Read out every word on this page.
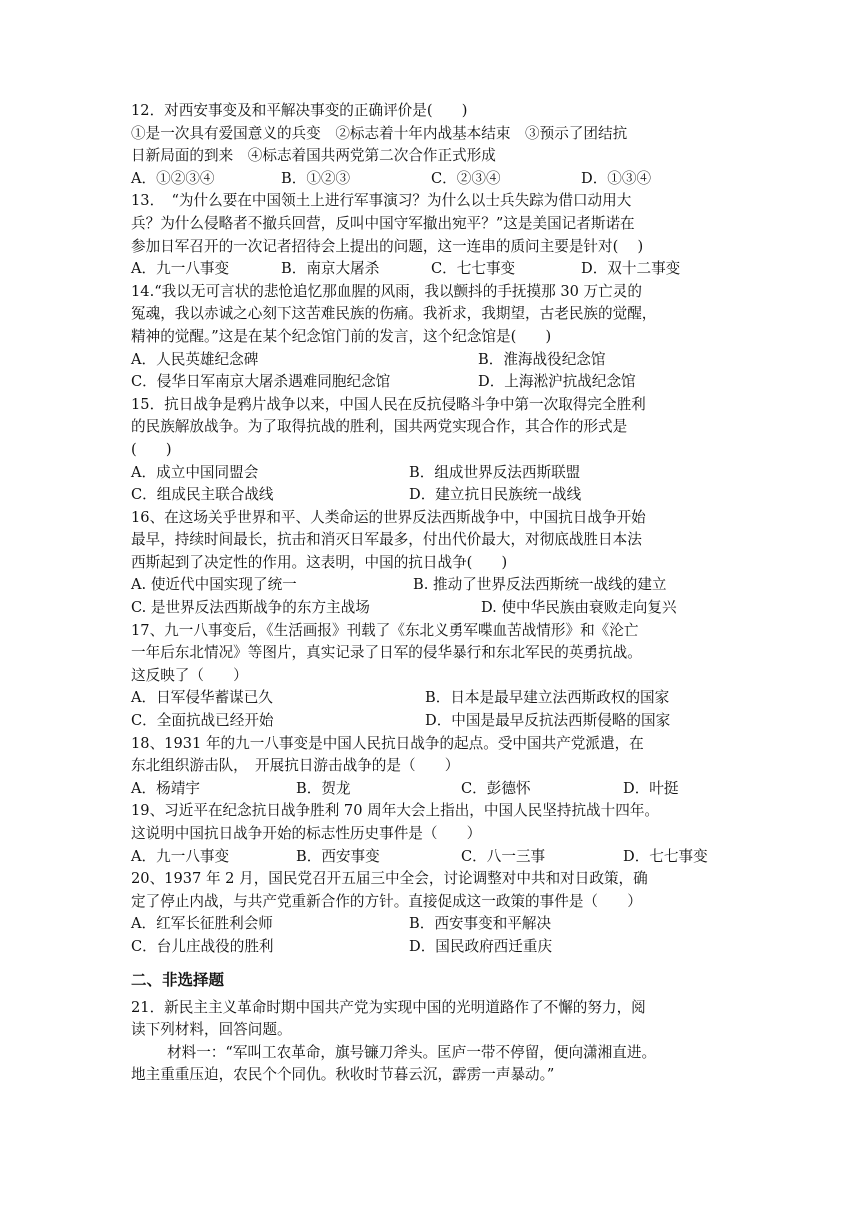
12．对西安事变及和平解决事变的正确评价是(　　)
①是一次具有爱国意义的兵变　②标志着十年内战基本结束　③预示了团结抗
日新局面的到来　④标志着国共两党第二次合作正式形成
A．①②③④	B．①②③	C．②③④	D．①③④
13．　“为什么要在中国领土上进行军事演习？为什么以士兵失踪为借口动用大
兵？为什么侵略者不撤兵回营，反叫中国守军撤出宛平？”这是美国记者斯诺在
参加日军召开的一次记者招待会上提出的问题，这一连串的质问主要是针对(　 )
A．九一八事变	B．南京大屠杀	C．七七事变	D．双十二事变
14.“我以无可言状的悲怆追忆那血腥的风雨，我以颤抖的手抚摸那 30 万亡灵的
冤魂，我以赤诚之心刻下这苦难民族的伤痛。我祈求，我期望，古老民族的觉醒，
精神的觉醒。”这是在某个纪念馆门前的发言，这个纪念馆是(　　)
A．人民英雄纪念碑	B．淮海战役纪念馆
C．侵华日军南京大屠杀遇难同胞纪念馆	D．上海淞沪抗战纪念馆
15．抗日战争是鸦片战争以来，中国人民在反抗侵略斗争中第一次取得完全胜利
的民族解放战争。为了取得抗战的胜利，国共两党实现合作，其合作的形式是
(　　)
A．成立中国同盟会	B．组成世界反法西斯联盟
C．组成民主联合战线	D．建立抗日民族统一战线
16、在这场关乎世界和平、人类命运的世界反法西斯战争中，中国抗日战争开始
最早，持续时间最长，抗击和消灭日军最多，付出代价最大，对彻底战胜日本法
西斯起到了决定性的作用。这表明，中国的抗日战争(　　)
A. 使近代中国实现了统一	B. 推动了世界反法西斯统一战线的建立
C. 是世界反法西斯战争的东方主战场	D. 使中华民族由衰败走向复兴
17、九一八事变后，《生活画报》刊载了《东北义勇军喋血苦战情形》和《沦亡
一年后东北情况》等图片，真实记录了日军的侵华暴行和东北军民的英勇抗战。
这反映了（　　）
A．日军侵华蓄谋已久	B．日本是最早建立法西斯政权的国家
C．全面抗战已经开始	D．中国是最早反抗法西斯侵略的国家
18、1931 年的九一八事变是中国人民抗日战争的起点。受中国共产党派遣，在
东北组织游击队，　开展抗日游击战争的是（　　）
A．杨靖宇	B．贺龙	C．彭德怀	D．叶挺
19、习近平在纪念抗日战争胜利 70 周年大会上指出，中国人民坚持抗战十四年。
这说明中国抗日战争开始的标志性历史事件是（　　）
A．九一八事变	B．西安事变	C．八一三事	D．七七事变
20、1937 年 2 月，国民党召开五届三中全会，讨论调整对中共和对日政策，确
定了停止内战，与共产党重新合作的方针。直接促成这一政策的事件是（　　）
A．红军长征胜利会师	B．西安事变和平解决
C．台儿庄战役的胜利	D．国民政府西迁重庆
二、非选择题
21．新民主主义革命时期中国共产党为实现中国的光明道路作了不懈的努力，阅
读下列材料，回答问题。
材料一：“军叫工农革命，旗号镰刀斧头。匡庐一带不停留，便向潇湘直进。
地主重重压迫，农民个个同仇。秋收时节暮云沉，霹雳一声暴动。”
